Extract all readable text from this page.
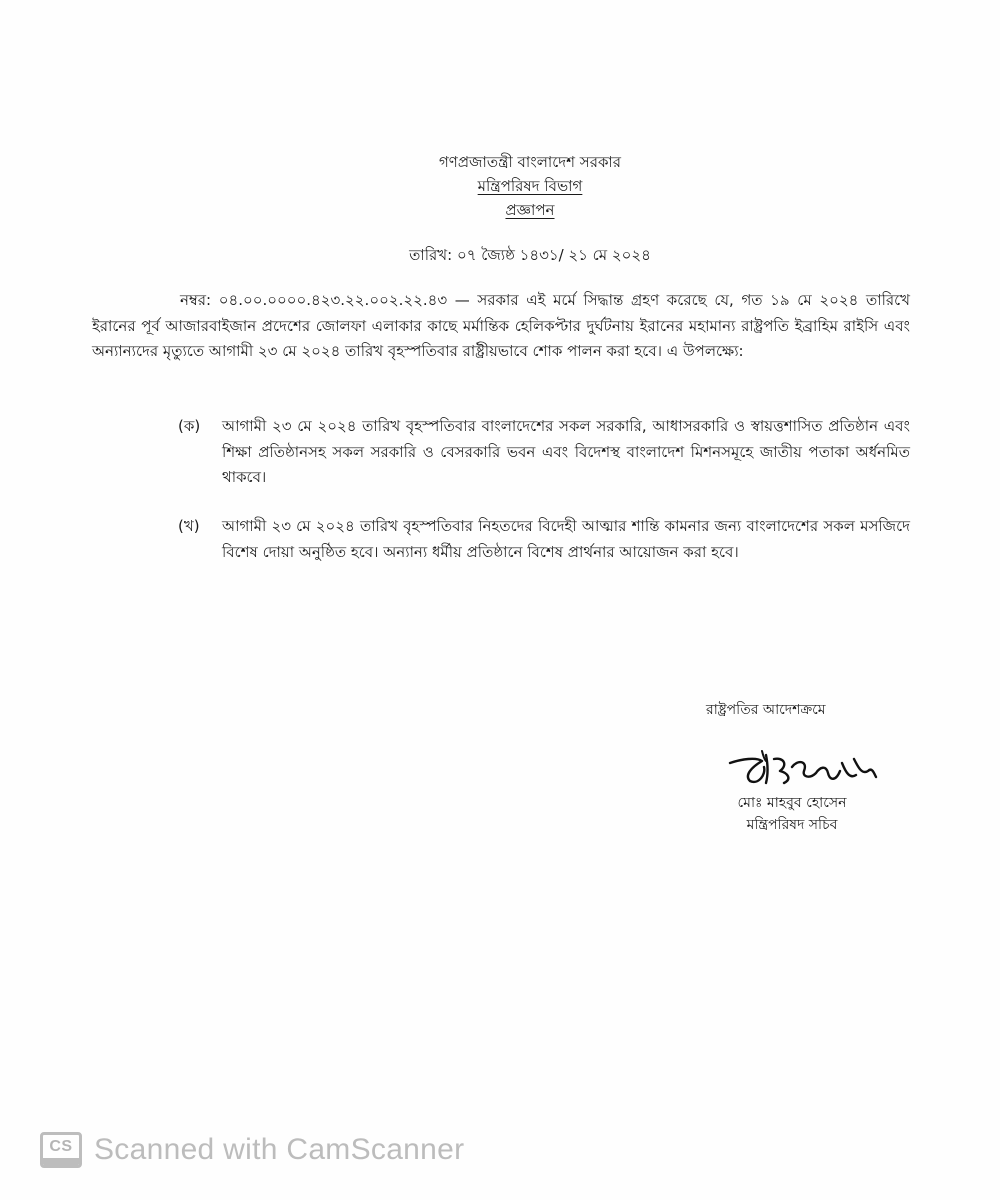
গণপ্রজাতন্ত্রী বাংলাদেশ সরকার
মন্ত্রিপরিষদ বিভাগ
প্রজ্ঞাপন
তারিখ: ০৭ জ্যৈষ্ঠ ১৪৩১/ ২১ মে ২০২৪
নম্বর: ০৪.০০.০০০০.৪২৩.২২.০০২.২২.৪৩ — সরকার এই মর্মে সিদ্ধান্ত গ্রহণ করেছে যে, গত ১৯ মে ২০২৪ তারিখে ইরানের পূর্ব আজারবাইজান প্রদেশের জোলফা এলাকার কাছে মর্মান্তিক হেলিকপ্টার দুর্ঘটনায় ইরানের মহামান্য রাষ্ট্রপতি ইব্রাহিম রাইসি এবং অন্যান্যদের মৃত্যুতে আগামী ২৩ মে ২০২৪ তারিখ বৃহস্পতিবার রাষ্ট্রীয়ভাবে শোক পালন করা হবে। এ উপলক্ষ্যে:
(ক) আগামী ২৩ মে ২০২৪ তারিখ বৃহস্পতিবার বাংলাদেশের সকল সরকারি, আধাসরকারি ও স্বায়ত্তশাসিত প্রতিষ্ঠান এবং শিক্ষা প্রতিষ্ঠানসহ সকল সরকারি ও বেসরকারি ভবন এবং বিদেশস্থ বাংলাদেশ মিশনসমূহে জাতীয় পতাকা অর্ধনমিত থাকবে।
(খ) আগামী ২৩ মে ২০২৪ তারিখ বৃহস্পতিবার নিহতদের বিদেহী আত্মার শান্তি কামনার জন্য বাংলাদেশের সকল মসজিদে বিশেষ দোয়া অনুষ্ঠিত হবে। অন্যান্য ধর্মীয় প্রতিষ্ঠানে বিশেষ প্রার্থনার আয়োজন করা হবে।
রাষ্ট্রপতির আদেশক্রমে
মোঃ মাহবুব হোসেন
মন্ত্রিপরিষদ সচিব
CS Scanned with CamScanner
